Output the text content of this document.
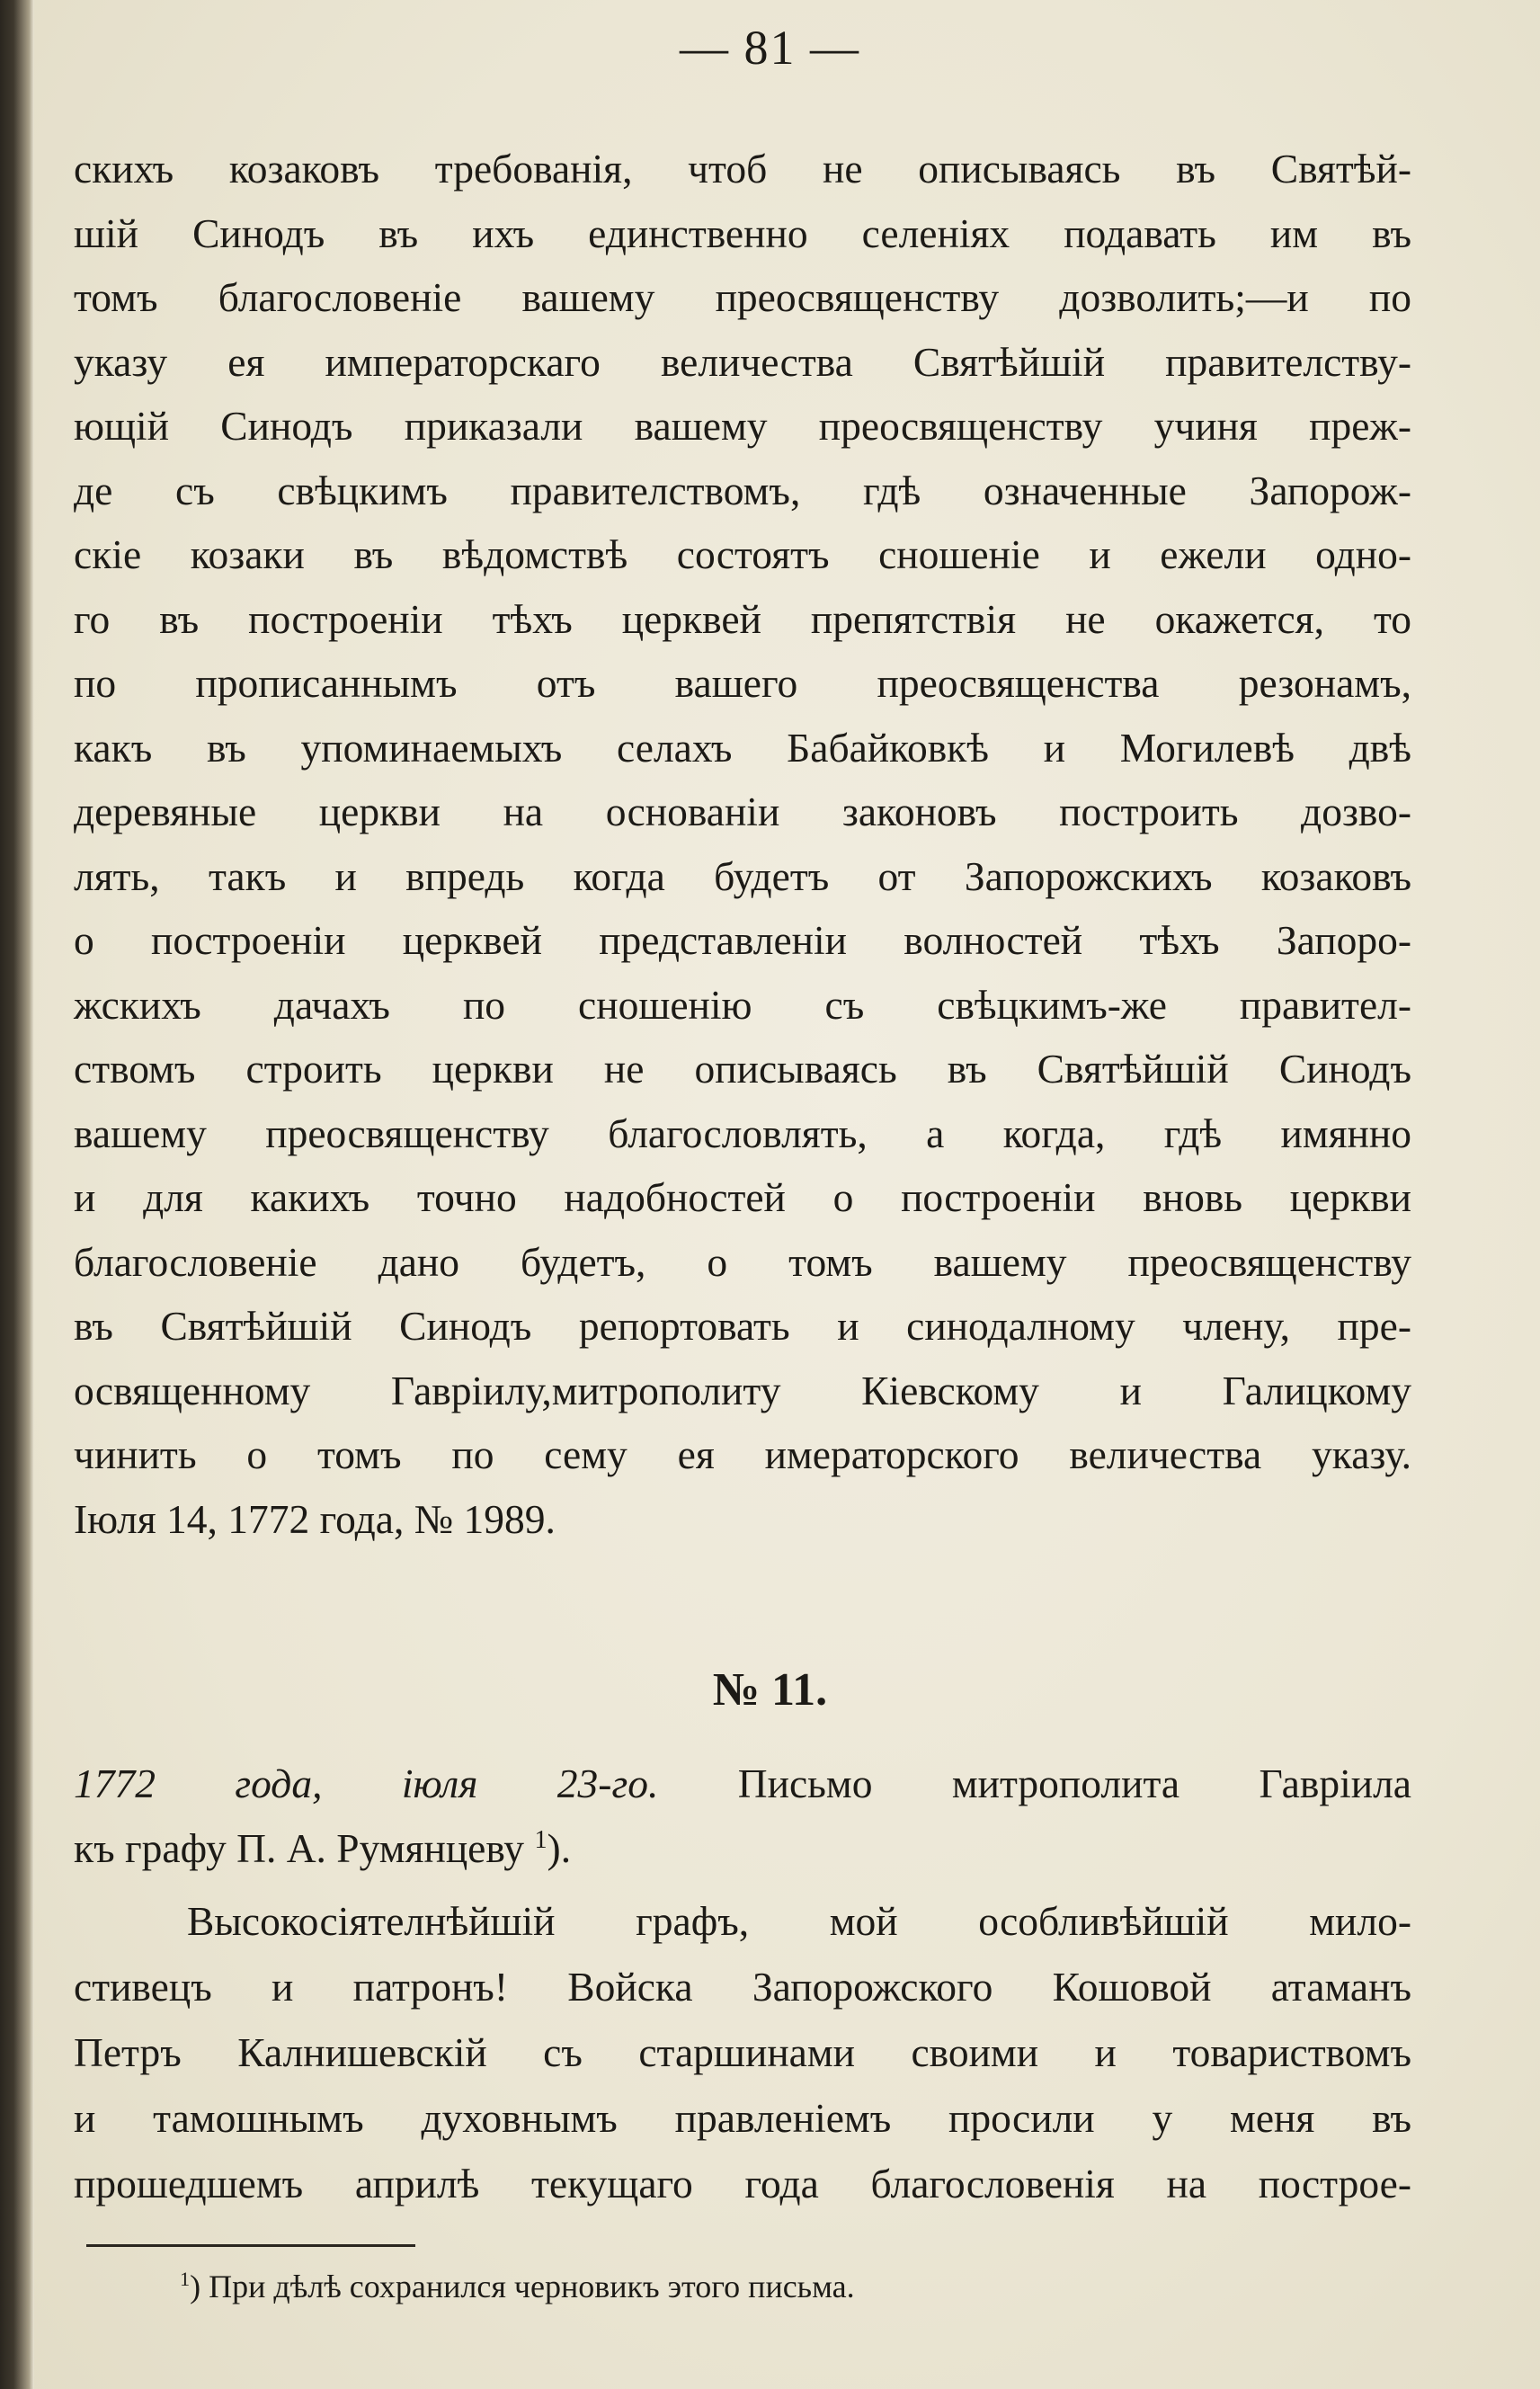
— 81 —
скихъ козаковъ требованія, чтоб не описываясь въ Святѣй-
шій Синодъ въ ихъ единственно селеніях подавать им въ
томъ благословеніе вашему преосвященству дозволить;—и по
указу ея императорскаго величества Святѣйшій правителству-
ющій Синодъ приказали вашему преосвященству учиня преж-
де съ свѣцкимъ правителствомъ, гдѣ означенные Запорож-
скіе козаки въ вѣдомствѣ состоятъ сношеніе и ежели одно-
го въ построеніи тѣхъ церквей препятствія не окажется, то
по прописаннымъ отъ вашего преосвященства резонамъ,
какъ въ упоминаемыхъ селахъ Бабайковкѣ и Могилевѣ двѣ
деревяные церкви на основаніи законовъ построить дозво-
лять, такъ и впредь когда будетъ от Запорожскихъ козаковъ
о построеніи церквей представленіи волностей тѣхъ Запоро-
жскихъ дачахъ по сношенію съ свѣцкимъ-же правител-
ствомъ строить церкви не описываясь въ Святѣйшій Синодъ
вашему преосвященству благословлять, а когда, гдѣ имянно
и для какихъ точно надобностей о построеніи вновь церкви
благословеніе дано будетъ, о томъ вашему преосвященству
въ Святѣйшій Синодъ репортовать и синодалному члену, пре-
освященному Гавріилу,митрополиту Кіевскому и Галицкому
чинить о томъ по сему ея имераторского величества указу.
Іюля 14, 1772 года, № 1989.
№ 11.
1772 года, іюля 23-го. Письмо митрополита Гавріила
къ графу П. А. Румянцеву $^1$).
Высокосіятелнѣйшій графъ, мой особливѣйшій мило-
стивецъ и патронъ! Войска Запорожского Кошовой атаманъ
Петръ Калнишевскій съ старшинами своими и товариствомъ
и тамошнымъ духовнымъ правленіемъ просили у меня въ
прошедшемъ априлѣ текущаго года благословенія на построе-
$^1$) При дѣлѣ сохранился черновикъ этого письма.
